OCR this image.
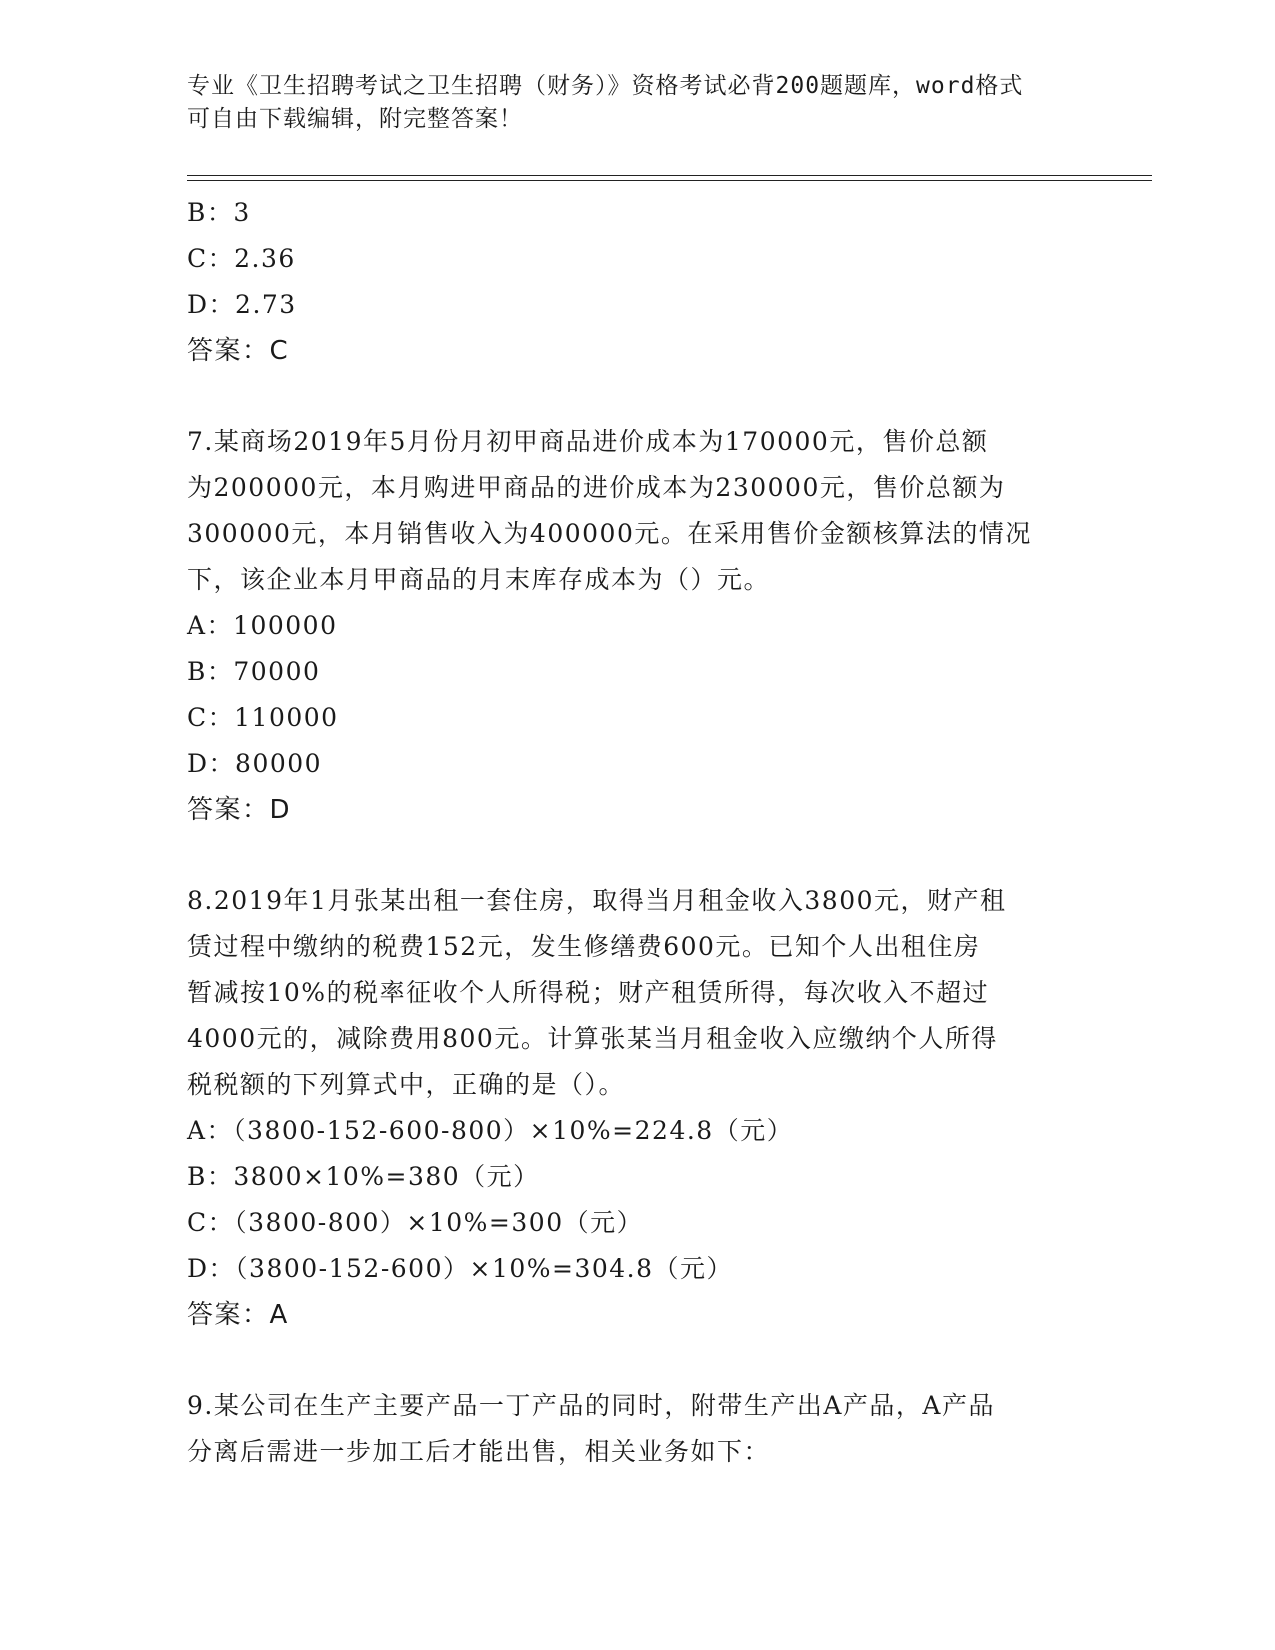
专业《卫生招聘考试之卫生招聘（财务）》资格考试必背200题题库，word格式
可自由下载编辑，附完整答案！
B：3
C：2.36
D：2.73
答案：C
7.某商场2019年5月份月初甲商品进价成本为170000元，售价总额
为200000元，本月购进甲商品的进价成本为230000元，售价总额为
300000元，本月销售收入为400000元。在采用售价金额核算法的情况
下，该企业本月甲商品的月末库存成本为（）元。
A：100000
B：70000
C：110000
D：80000
答案：D
8.2019年1月张某出租一套住房，取得当月租金收入3800元，财产租
赁过程中缴纳的税费152元，发生修缮费600元。已知个人出租住房
暂减按10%的税率征收个人所得税；财产租赁所得，每次收入不超过
4000元的，减除费用800元。计算张某当月租金收入应缴纳个人所得
税税额的下列算式中，正确的是（）。
A：（3800-152-600-800）×10%=224.8（元）
B：3800×10%=380（元）
C：（3800-800）×10%=300（元）
D：（3800-152-600）×10%=304.8（元）
答案：A
9.某公司在生产主要产品一丁产品的同时，附带生产出A产品，A产品
分离后需进一步加工后才能出售，相关业务如下：
